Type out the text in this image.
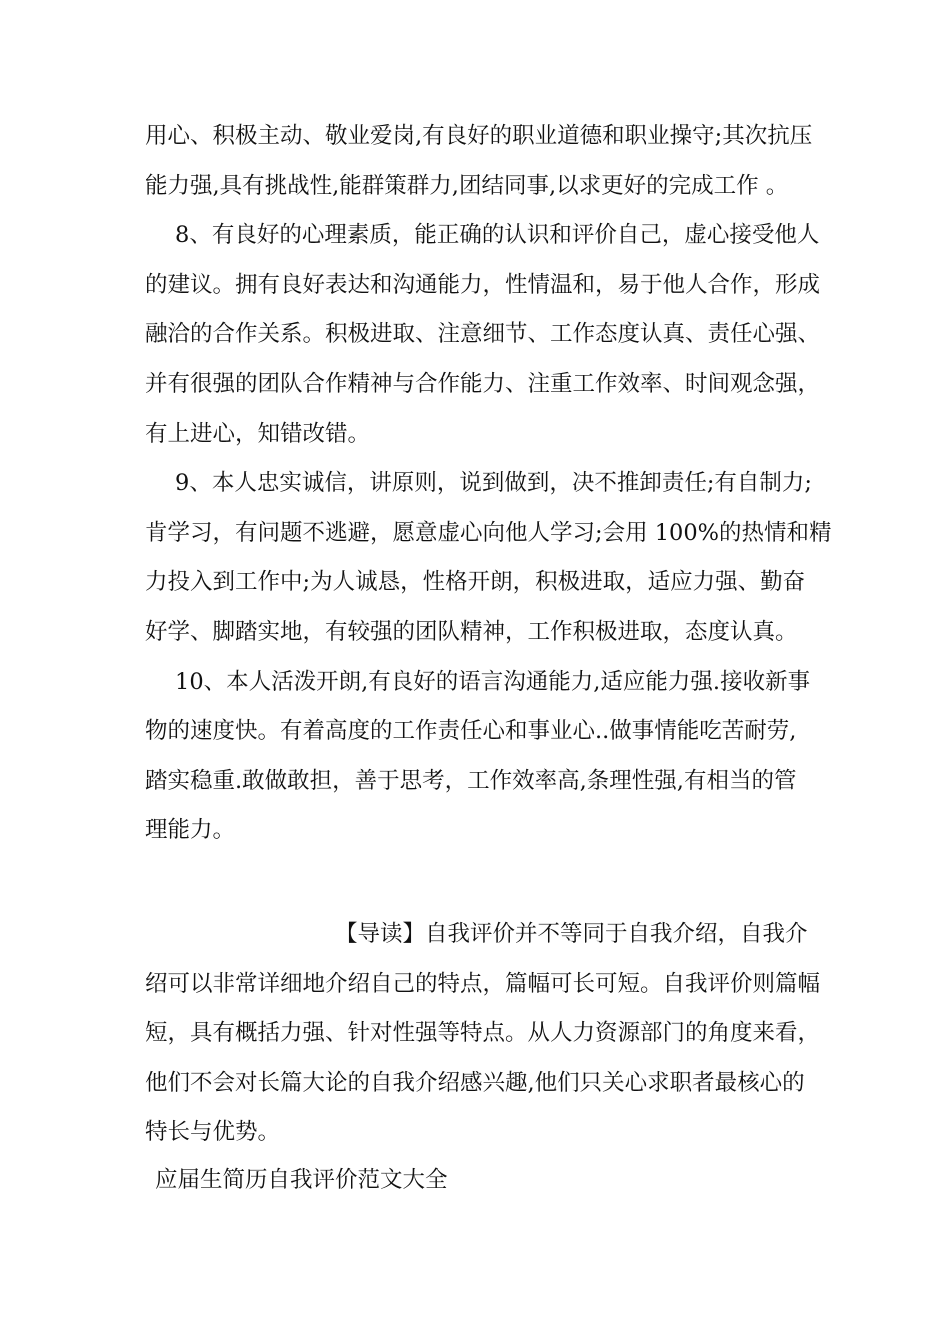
用心、积极主动、敬业爱岗,有良好的职业道德和职业操守;其次抗压
能力强,具有挑战性,能群策群力,团结同事,以求更好的完成工作 。
8、有良好的心理素质，能正确的认识和评价自己，虚心接受他人
的建议。拥有良好表达和沟通能力，性情温和，易于他人合作，形成
融洽的合作关系。积极进取、注意细节、工作态度认真、责任心强、
并有很强的团队合作精神与合作能力、注重工作效率、时间观念强，
有上进心，知错改错。
9、本人忠实诚信，讲原则，说到做到，决不推卸责任;有自制力;
肯学习，有问题不逃避，愿意虚心向他人学习;会用 100%的热情和精
力投入到工作中;为人诚恳，性格开朗，积极进取，适应力强、勤奋
好学、脚踏实地，有较强的团队精神，工作积极进取，态度认真。
10、本人活泼开朗,有良好的语言沟通能力,适应能力强.接收新事
物的速度快。有着高度的工作责任心和事业心..做事情能吃苦耐劳,
踏实稳重.敢做敢担，善于思考，工作效率高,条理性强,有相当的管
理能力。
【导读】自我评价并不等同于自我介绍，自我介
绍可以非常详细地介绍自己的特点，篇幅可长可短。自我评价则篇幅
短，具有概括力强、针对性强等特点。从人力资源部门的角度来看，
他们不会对长篇大论的自我介绍感兴趣,他们只关心求职者最核心的
特长与优势。
应届生简历自我评价范文大全
